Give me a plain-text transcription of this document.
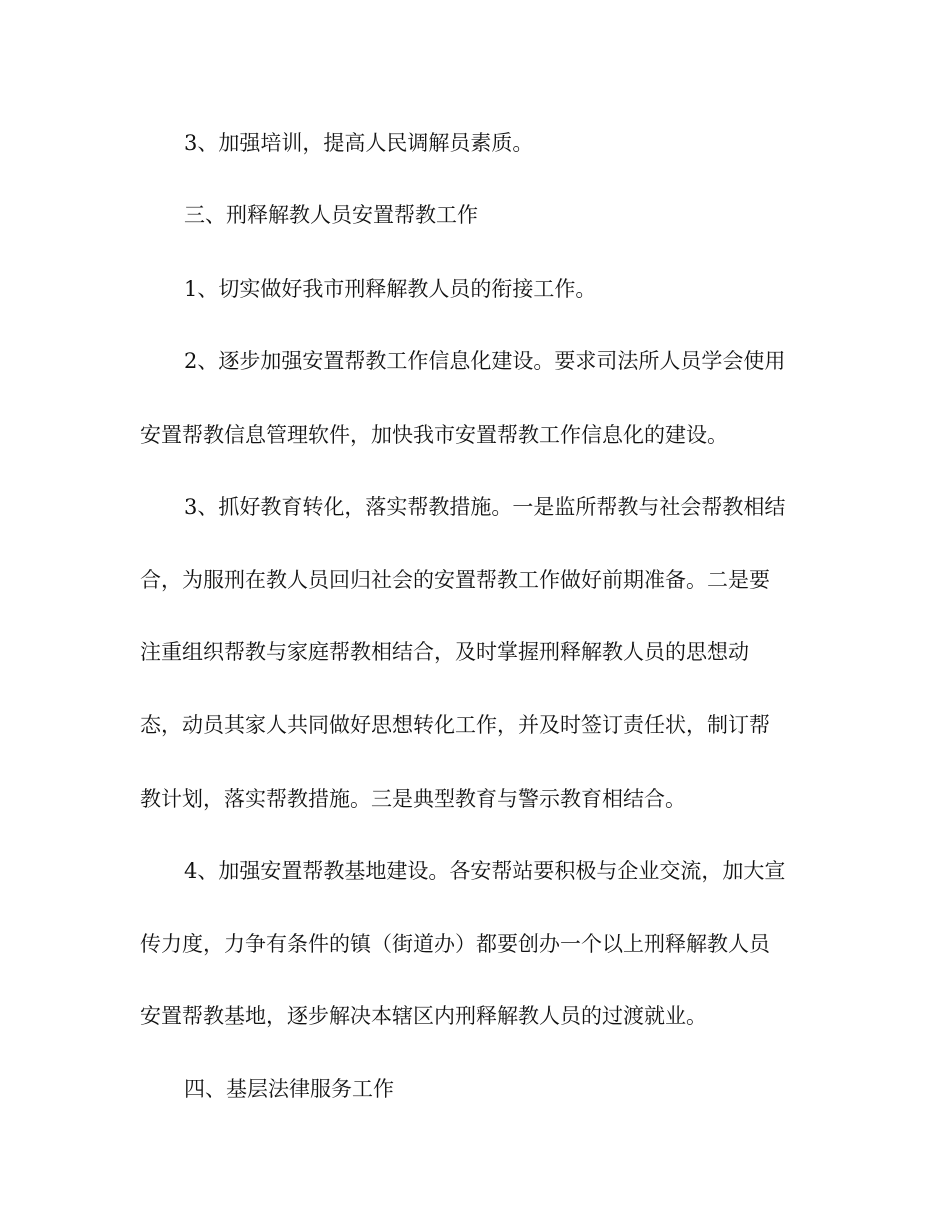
3、加强培训，提高人民调解员素质。

三、刑释解教人员安置帮教工作

1、切实做好我市刑释解教人员的衔接工作。

2、逐步加强安置帮教工作信息化建设。要求司法所人员学会使用

安置帮教信息管理软件，加快我市安置帮教工作信息化的建设。

3、抓好教育转化，落实帮教措施。一是监所帮教与社会帮教相结

合，为服刑在教人员回归社会的安置帮教工作做好前期准备。二是要

注重组织帮教与家庭帮教相结合，及时掌握刑释解教人员的思想动

态，动员其家人共同做好思想转化工作，并及时签订责任状，制订帮

教计划，落实帮教措施。三是典型教育与警示教育相结合。

4、加强安置帮教基地建设。各安帮站要积极与企业交流，加大宣

传力度，力争有条件的镇（街道办）都要创办一个以上刑释解教人员

安置帮教基地，逐步解决本辖区内刑释解教人员的过渡就业。

四、基层法律服务工作
